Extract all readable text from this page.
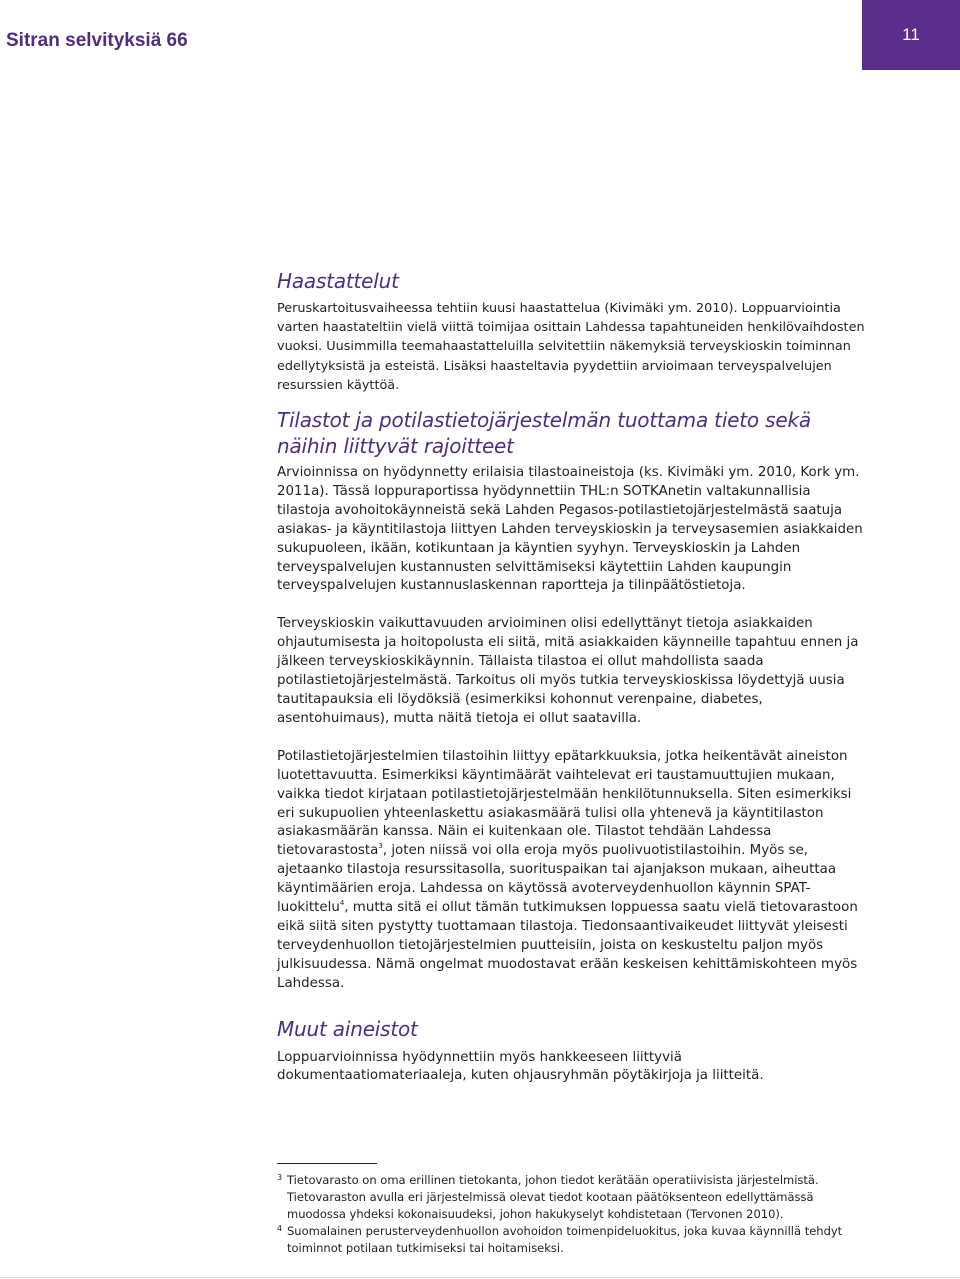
Sitran selvityksiä 66	11
Haastattelut

Peruskartoitusvaiheessa tehtiin kuusi haastattelua (Kivimäki ym. 2010). Loppuarviointia varten haastateltiin vielä viittä toimijaa osittain Lahdessa tapahtuneiden henkilövaihdosten vuoksi. Uusimmilla teemahaastatteluilla selvitettiin näkemyksiä terveyskioskin toiminnan edellytyksistä ja esteistä. Lisäksi haasteltavia pyydettiin arvioimaan terveyspalvelujen resurssien käyttöä.

Tilastot ja potilastietojärjestelmän tuottama tieto sekä näihin liittyvät rajoitteet

Arvioinnissa on hyödynnetty erilaisia tilastoaineistoja (ks. Kivimäki ym. 2010, Kork ym. 2011a). Tässä loppuraportissa hyödynnettiin THL:n SOTKAnetin valtakunnallisia tilastoja avohoitokäynneistä sekä Lahden Pegasos-potilastietojärjestelmästä saatuja asiakas- ja käyntitilastoja liittyen Lahden terveyskioskin ja terveysasemien asiakkaiden sukupuoleen, ikään, kotikuntaan ja käyntien syyhyn. Terveyskioskin ja Lahden terveyspalvelujen kustannusten selvittämiseksi käytettiin Lahden kaupungin terveyspalvelujen kustannuslaskennan raportteja ja tilinpäätöstietoja.

Terveyskioskin vaikuttavuuden arvioiminen olisi edellyttänyt tietoja asiakkaiden ohjautumisesta ja hoitopolusta eli siitä, mitä asiakkaiden käynneille tapahtuu ennen ja jälkeen terveyskioskikäynnin. Tällaista tilastoa ei ollut mahdollista saada potilastietojärjestelmästä. Tarkoitus oli myös tutkia terveyskioskissa löydettyjä uusia tautitapauksia eli löydöksiä (esimerkiksi kohonnut verenpaine, diabetes, asentohuimaus), mutta näitä tietoja ei ollut saatavilla.

Potilastietojärjestelmien tilastoihin liittyy epätarkkuuksia, jotka heikentävät aineiston luotettavuutta. Esimerkiksi käyntimäärät vaihtelevat eri taustamuuttujien mukaan, vaikka tiedot kirjataan potilastietojärjestelmään henkilötunnuksella. Siten esimerkiksi eri sukupuolien yhteenlaskettu asiakasmäärä tulisi olla yhtenevä ja käyntitilaston asiakasmäärän kanssa. Näin ei kuitenkaan ole. Tilastot tehdään Lahdessa tietovarastosta$^3$, joten niissä voi olla eroja myös puolivuotistilastoihin. Myös se, ajetaanko tilastoja resurssitasolla, suorituspaikan tai ajanjakson mukaan, aiheuttaa käyntimäärien eroja. Lahdessa on käytössä avoterveydenhuollon käynnin SPAT-luokittelu$^4$, mutta sitä ei ollut tämän tutkimuksen loppuessa saatu vielä tietovarastoon eikä siitä siten pystytty tuottamaan tilastoja. Tiedonsaantivaikeudet liittyvät yleisesti terveydenhuollon tietojärjestelmien puutteisiin, joista on keskusteltu paljon myös julkisuudessa. Nämä ongelmat muodostavat erään keskeisen kehittämiskohteen myös Lahdessa.

Muut aineistot

Loppuarvioinnissa hyödynnettiin myös hankkeeseen liittyviä dokumentaatiomateriaaleja, kuten ohjausryhmän pöytäkirjoja ja liitteitä.

3 Tietovarasto on oma erillinen tietokanta, johon tiedot kerätään operatiivisista järjestelmistä. Tietovaraston avulla eri järjestelmissä olevat tiedot kootaan päätöksenteon edellyttämässä muodossa yhdeksi kokonaisuudeksi, johon hakukyselyt kohdistetaan (Tervonen 2010).

4 Suomalainen perusterveydenhuollon avohoidon toimenpideluokitus, joka kuvaa käynnillä tehdyt toiminnot potilaan tutkimiseksi tai hoitamiseksi.
